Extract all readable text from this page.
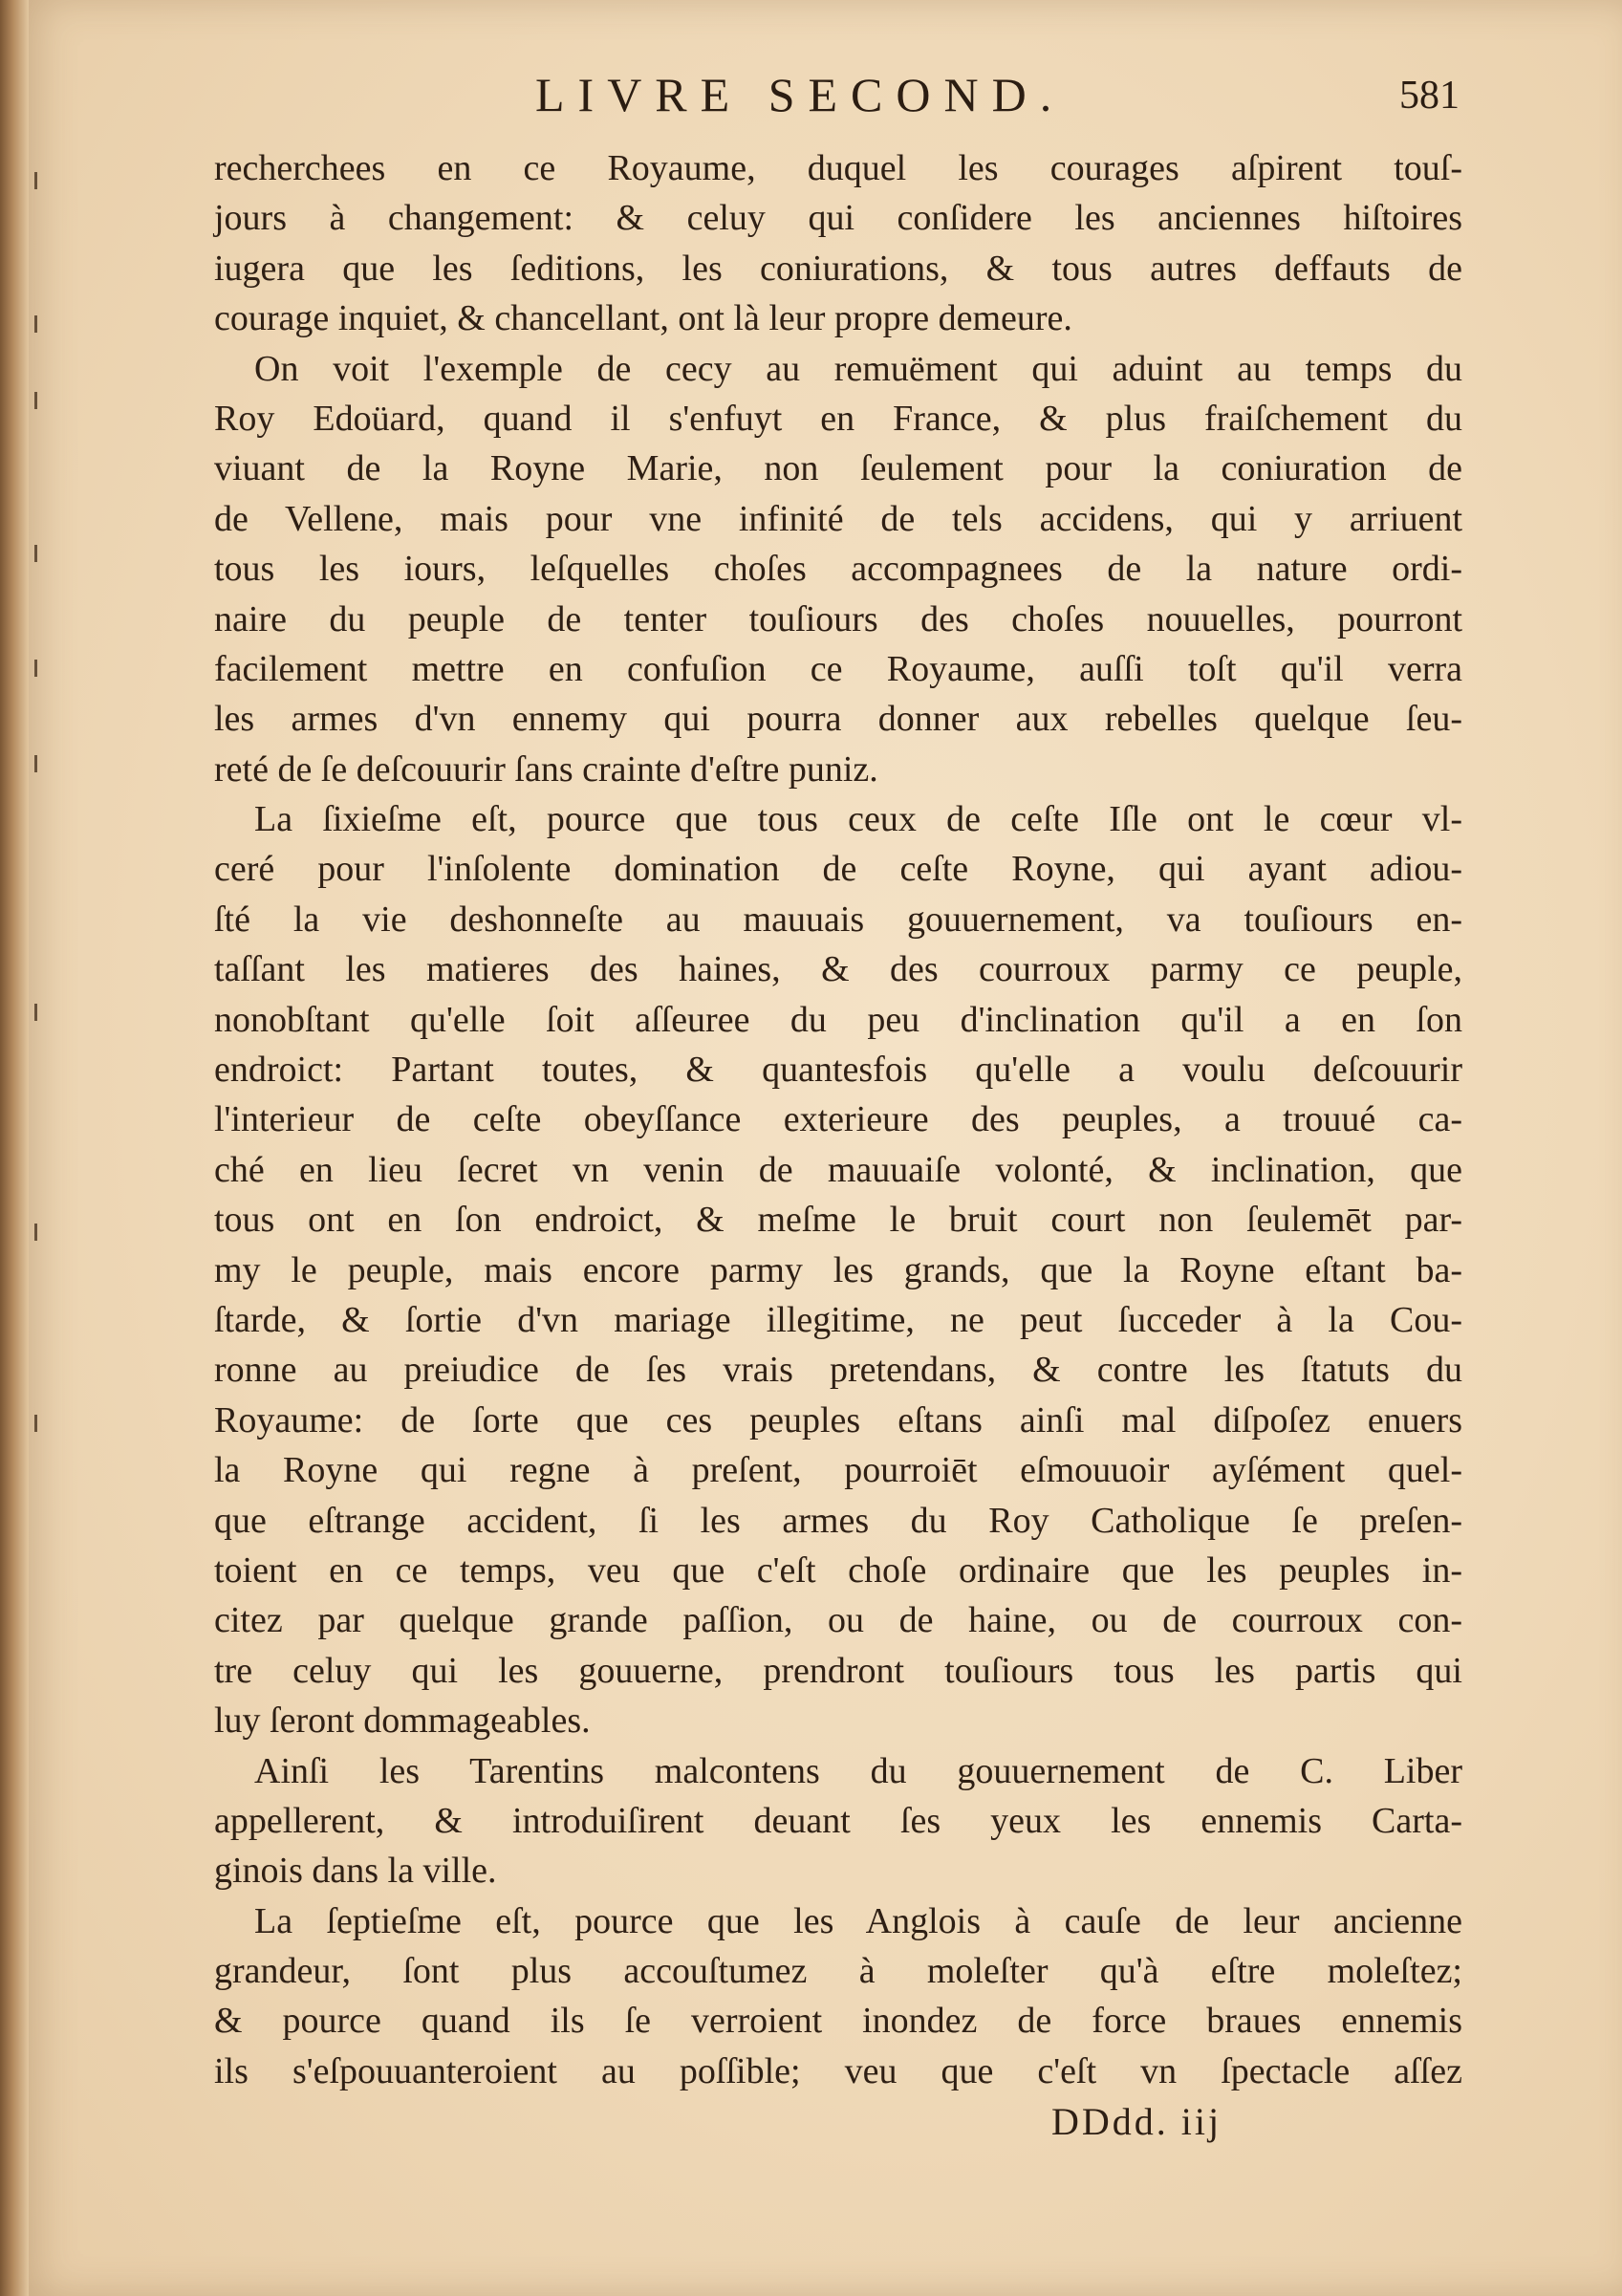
LIVRE SECOND.	581
recherchees en ce Royaume, duquel les courages aſpirent touſ-
jours à changement: & celuy qui conſidere les anciennes hiſtoires
iugera que les ſeditions, les coniurations, & tous autres deffauts de
courage inquiet, & chancellant, ont là leur propre demeure.
On voit l'exemple de cecy au remuëment qui aduint au temps du
Roy Edoüard, quand il s'enfuyt en France, & plus fraiſchement du
viuant de la Royne Marie, non ſeulement pour la coniuration de
de Vellene, mais pour vne infinité de tels accidens, qui y arriuent
tous les iours, leſquelles choſes accompagnees de la nature ordi-
naire du peuple de tenter touſiours des choſes nouuelles, pourront
facilement mettre en confuſion ce Royaume, auſſi toſt qu'il verra
les armes d'vn ennemy qui pourra donner aux rebelles quelque ſeu-
reté de ſe deſcouurir ſans crainte d'eſtre puniz.
La ſixieſme eſt, pource que tous ceux de ceſte Iſle ont le cœur vl-
ceré pour l'inſolente domination de ceſte Royne, qui ayant adiou-
ſté la vie deshonneſte au mauuais gouuernement, va touſiours en-
taſſant les matieres des haines, & des courroux parmy ce peuple,
nonobſtant qu'elle ſoit aſſeuree du peu d'inclination qu'il a en ſon
endroict: Partant toutes, & quantesfois qu'elle a voulu deſcouurir
l'interieur de ceſte obeyſſance exterieure des peuples, a trouué ca-
ché en lieu ſecret vn venin de mauuaiſe volonté, & inclination, que
tous ont en ſon endroict, & meſme le bruit court non ſeulemēt par-
my le peuple, mais encore parmy les grands, que la Royne eſtant ba-
ſtarde, & ſortie d'vn mariage illegitime, ne peut ſucceder à la Cou-
ronne au preiudice de ſes vrais pretendans, & contre les ſtatuts du
Royaume: de ſorte que ces peuples eſtans ainſi mal diſpoſez enuers
la Royne qui regne à preſent, pourroiēt eſmouuoir ayſément quel-
que eſtrange accident, ſi les armes du Roy Catholique ſe preſen-
toient en ce temps, veu que c'eſt choſe ordinaire que les peuples in-
citez par quelque grande paſſion, ou de haine, ou de courroux con-
tre celuy qui les gouuerne, prendront touſiours tous les partis qui
luy ſeront dommageables.
Ainſi les Tarentins malcontens du gouuernement de C. Liber
appellerent, & introduiſirent deuant ſes yeux les ennemis Carta-
ginois dans la ville.
La ſeptieſme eſt, pource que les Anglois à cauſe de leur ancienne
grandeur, ſont plus accouſtumez à moleſter qu'à eſtre moleſtez;
& pource quand ils ſe verroient inondez de force braues ennemis
ils s'eſpouuanteroient au poſſible; veu que c'eſt vn ſpectacle aſſez
DDdd. iij
